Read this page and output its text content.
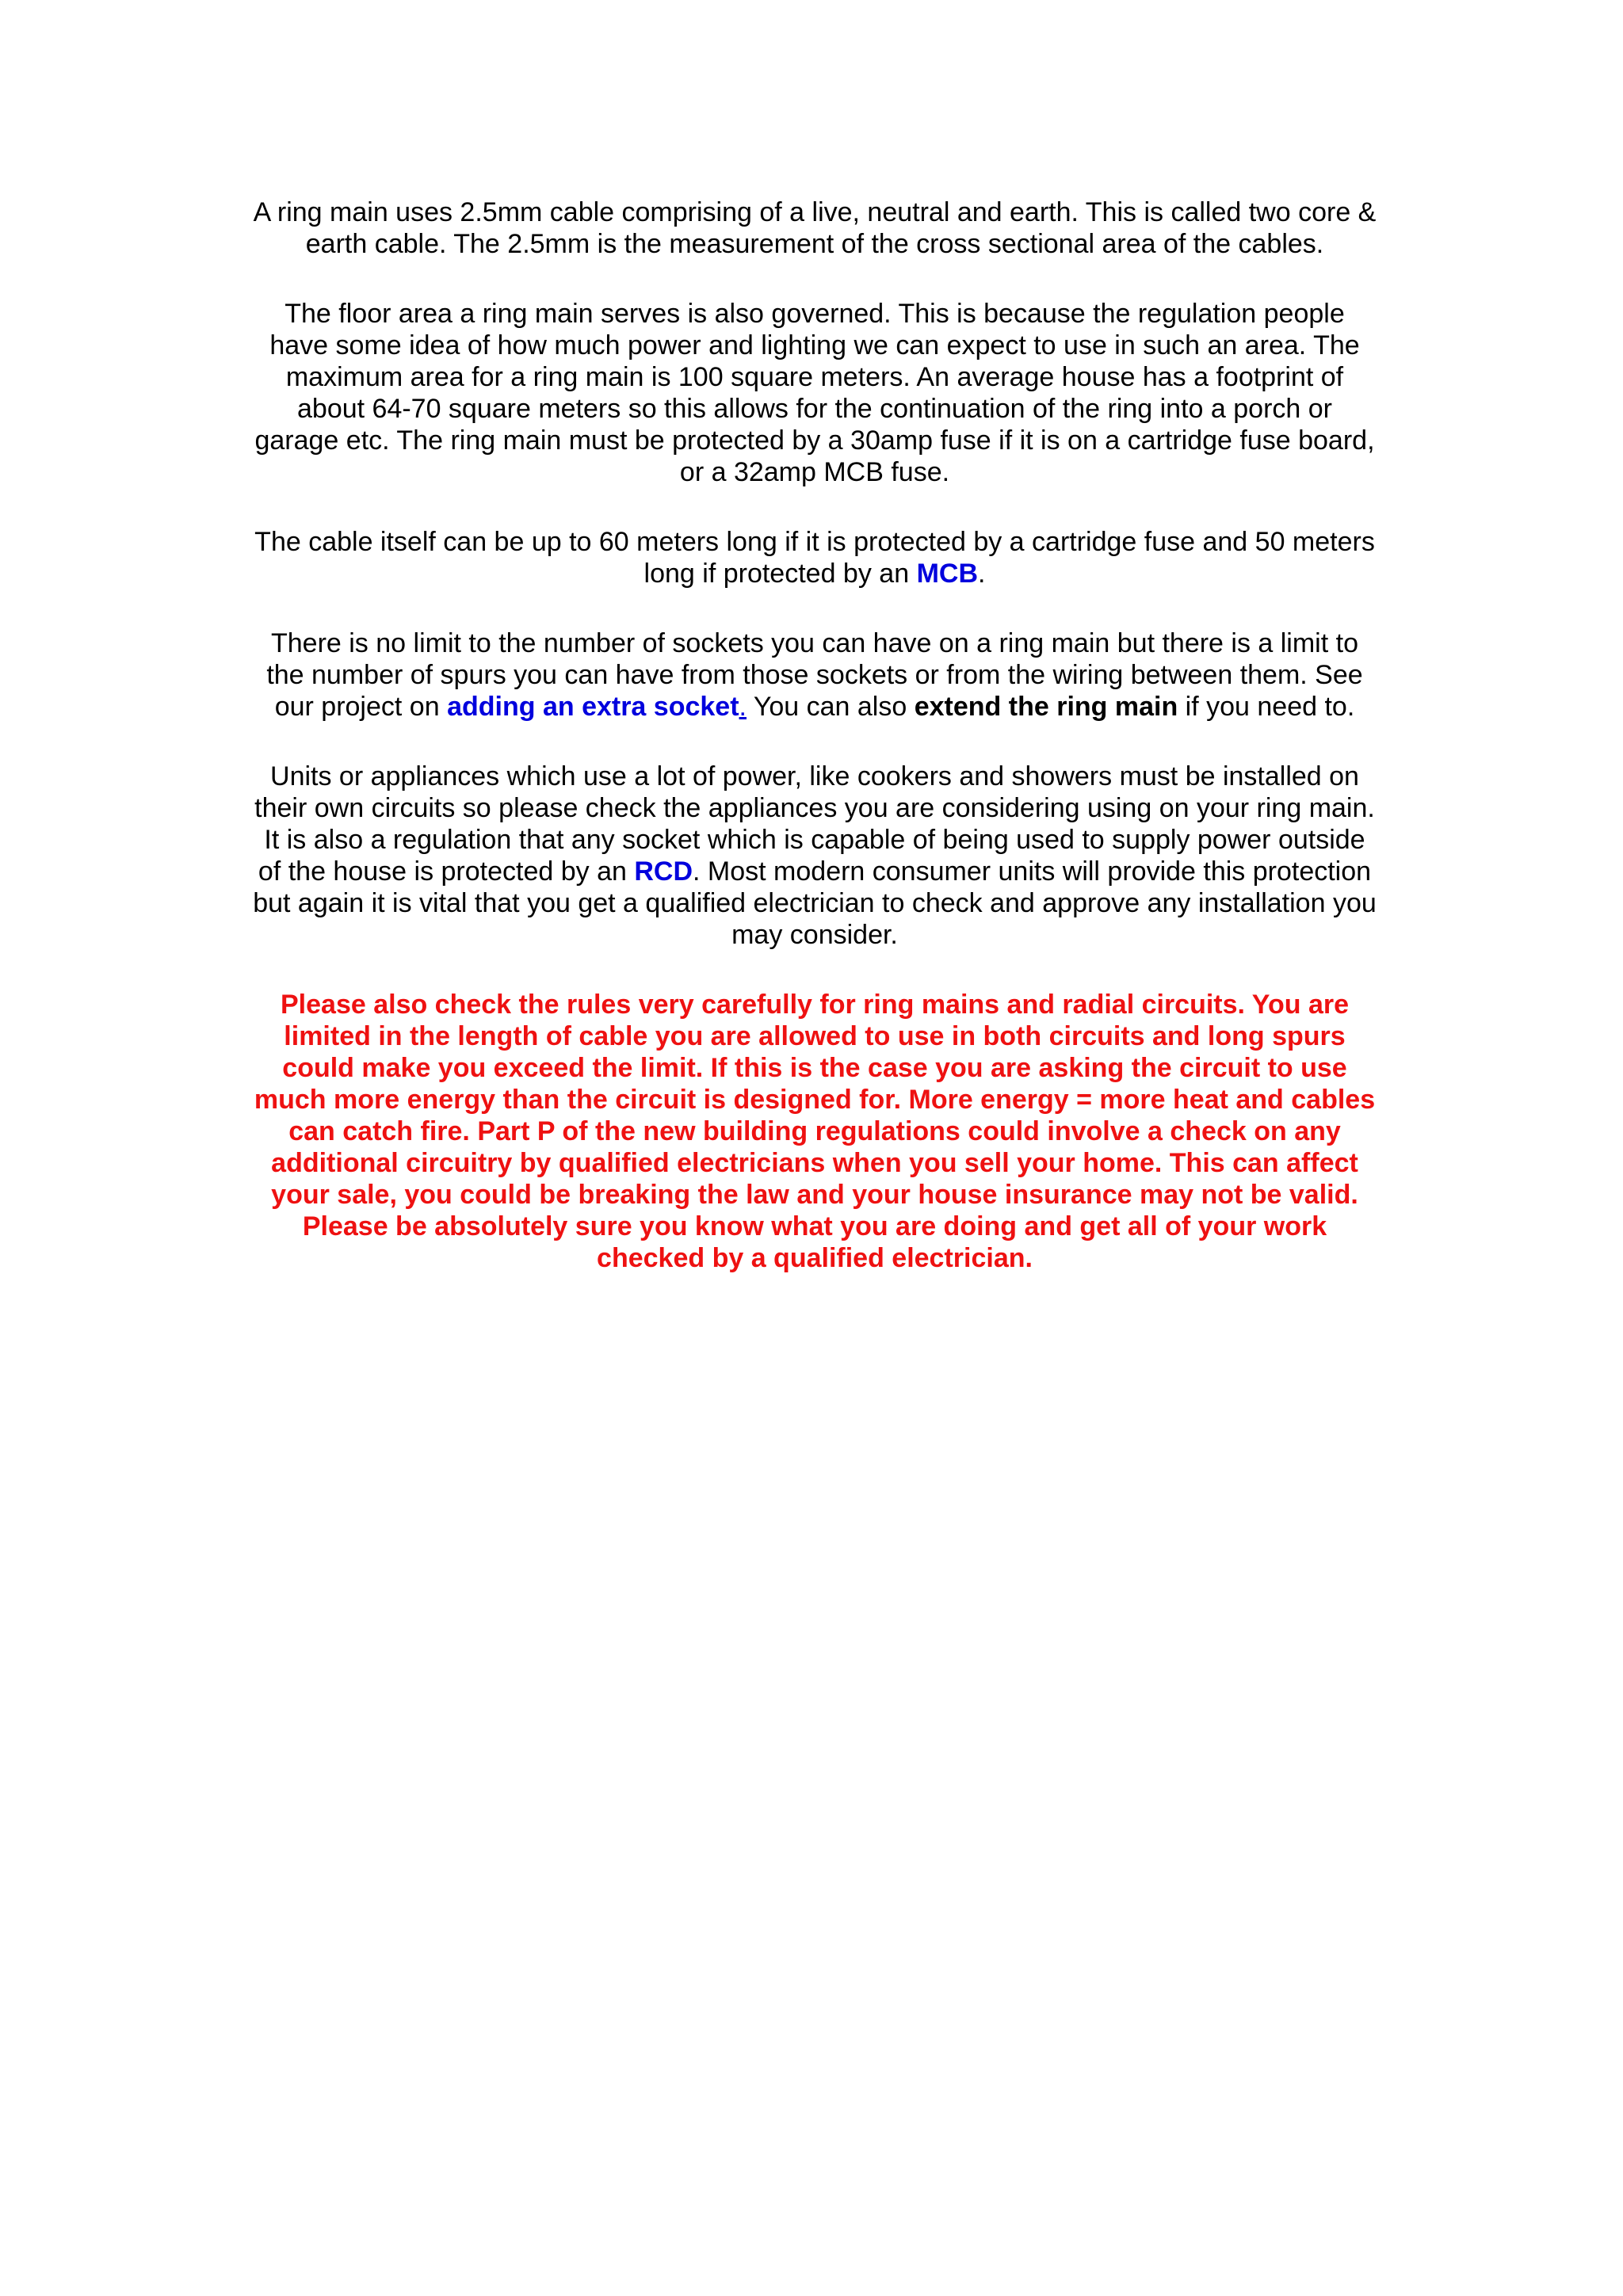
A ring main uses 2.5mm cable comprising of a live, neutral and earth. This is called two core & earth cable. The 2.5mm is the measurement of the cross sectional area of the cables.

The floor area a ring main serves is also governed. This is because the regulation people have some idea of how much power and lighting we can expect to use in such an area. The maximum area for a ring main is 100 square meters. An average house has a footprint of about 64-70 square meters so this allows for the continuation of the ring into a porch or garage etc. The ring main must be protected by a 30amp fuse if it is on a cartridge fuse board, or a 32amp MCB fuse.

The cable itself can be up to 60 meters long if it is protected by a cartridge fuse and 50 meters long if protected by an MCB.

There is no limit to the number of sockets you can have on a ring main but there is a limit to the number of spurs you can have from those sockets or from the wiring between them. See our project on adding an extra socket. You can also extend the ring main if you need to.

Units or appliances which use a lot of power, like cookers and showers must be installed on their own circuits so please check the appliances you are considering using on your ring main. It is also a regulation that any socket which is capable of being used to supply power outside of the house is protected by an RCD. Most modern consumer units will provide this protection but again it is vital that you get a qualified electrician to check and approve any installation you may consider.

Please also check the rules very carefully for ring mains and radial circuits. You are limited in the length of cable you are allowed to use in both circuits and long spurs could make you exceed the limit. If this is the case you are asking the circuit to use much more energy than the circuit is designed for. More energy = more heat and cables can catch fire. Part P of the new building regulations could involve a check on any additional circuitry by qualified electricians when you sell your home. This can affect your sale, you could be breaking the law and your house insurance may not be valid. Please be absolutely sure you know what you are doing and get all of your work checked by a qualified electrician.
